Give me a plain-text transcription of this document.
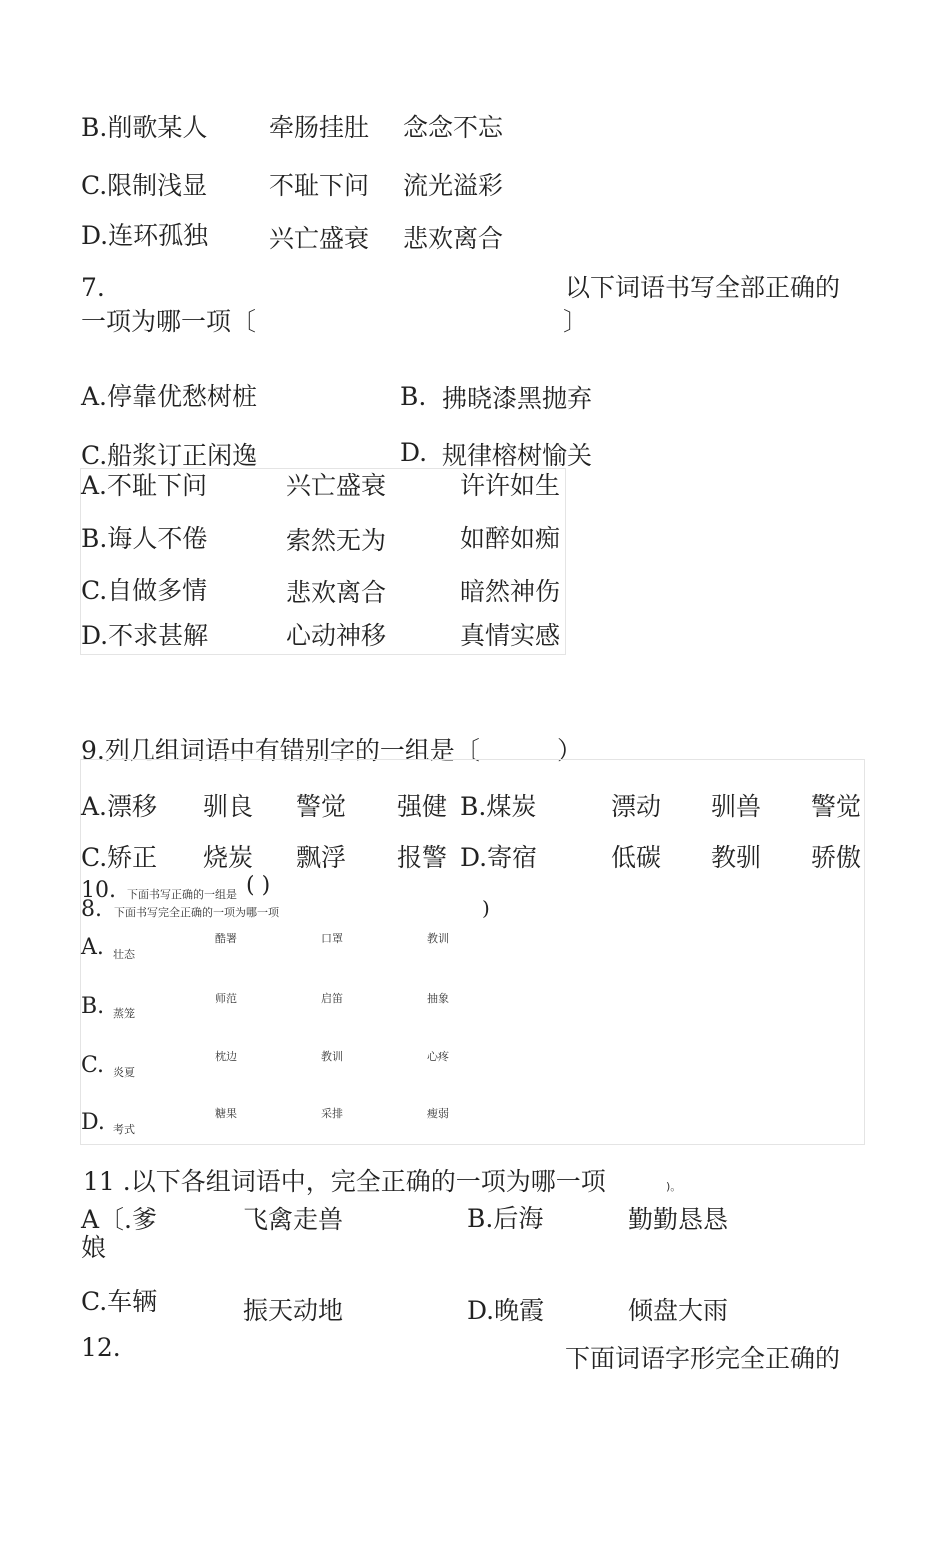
B.削歌某人 牵肠挂肚 念念不忘
C.限制浅显 不耻下问 流光溢彩
D.连环孤独 兴亡盛衰 悲欢离合
7.	以下词语书写全部正确的
一项为哪一项〔	〕
A.停靠优愁树桩	B. 拂晓漆黑抛弃
C.船浆订正闲逸	D. 规律榕树愉关
A.不耻下问	兴亡盛衰	许许如生
B.诲人不倦	索然无为	如醉如痴
C.自做多情	悲欢离合	暗然神伤
D.不求甚解	心动神移	真情实感
9.列几组词语中有错别字的一组是〔	）
A.漂移 驯良 警觉 强健 B.煤炭	漂动 驯兽 警觉
C.矫正 烧炭 飘浮 报警 D.寄宿	低碳 教驯 骄傲
10. 下面书写正确的一组是 ( )
8. 下面书写完全正确的一项为哪一项	)
A. 壮态
酷署	口罩	教训
B. 蒸笼
师范	启笛	抽象
C. 炎夏
枕边	教训	心疼
D. 考式
糖果	采排	瘦弱
11 .以下各组词语中，完全正确的一项为哪一项	)。
A〔.爹
娘
飞禽走兽	B.后海	勤勤恳恳
C.车辆	振天动地	D.晚霞	倾盘大雨
12.	下面词语字形完全正确的
